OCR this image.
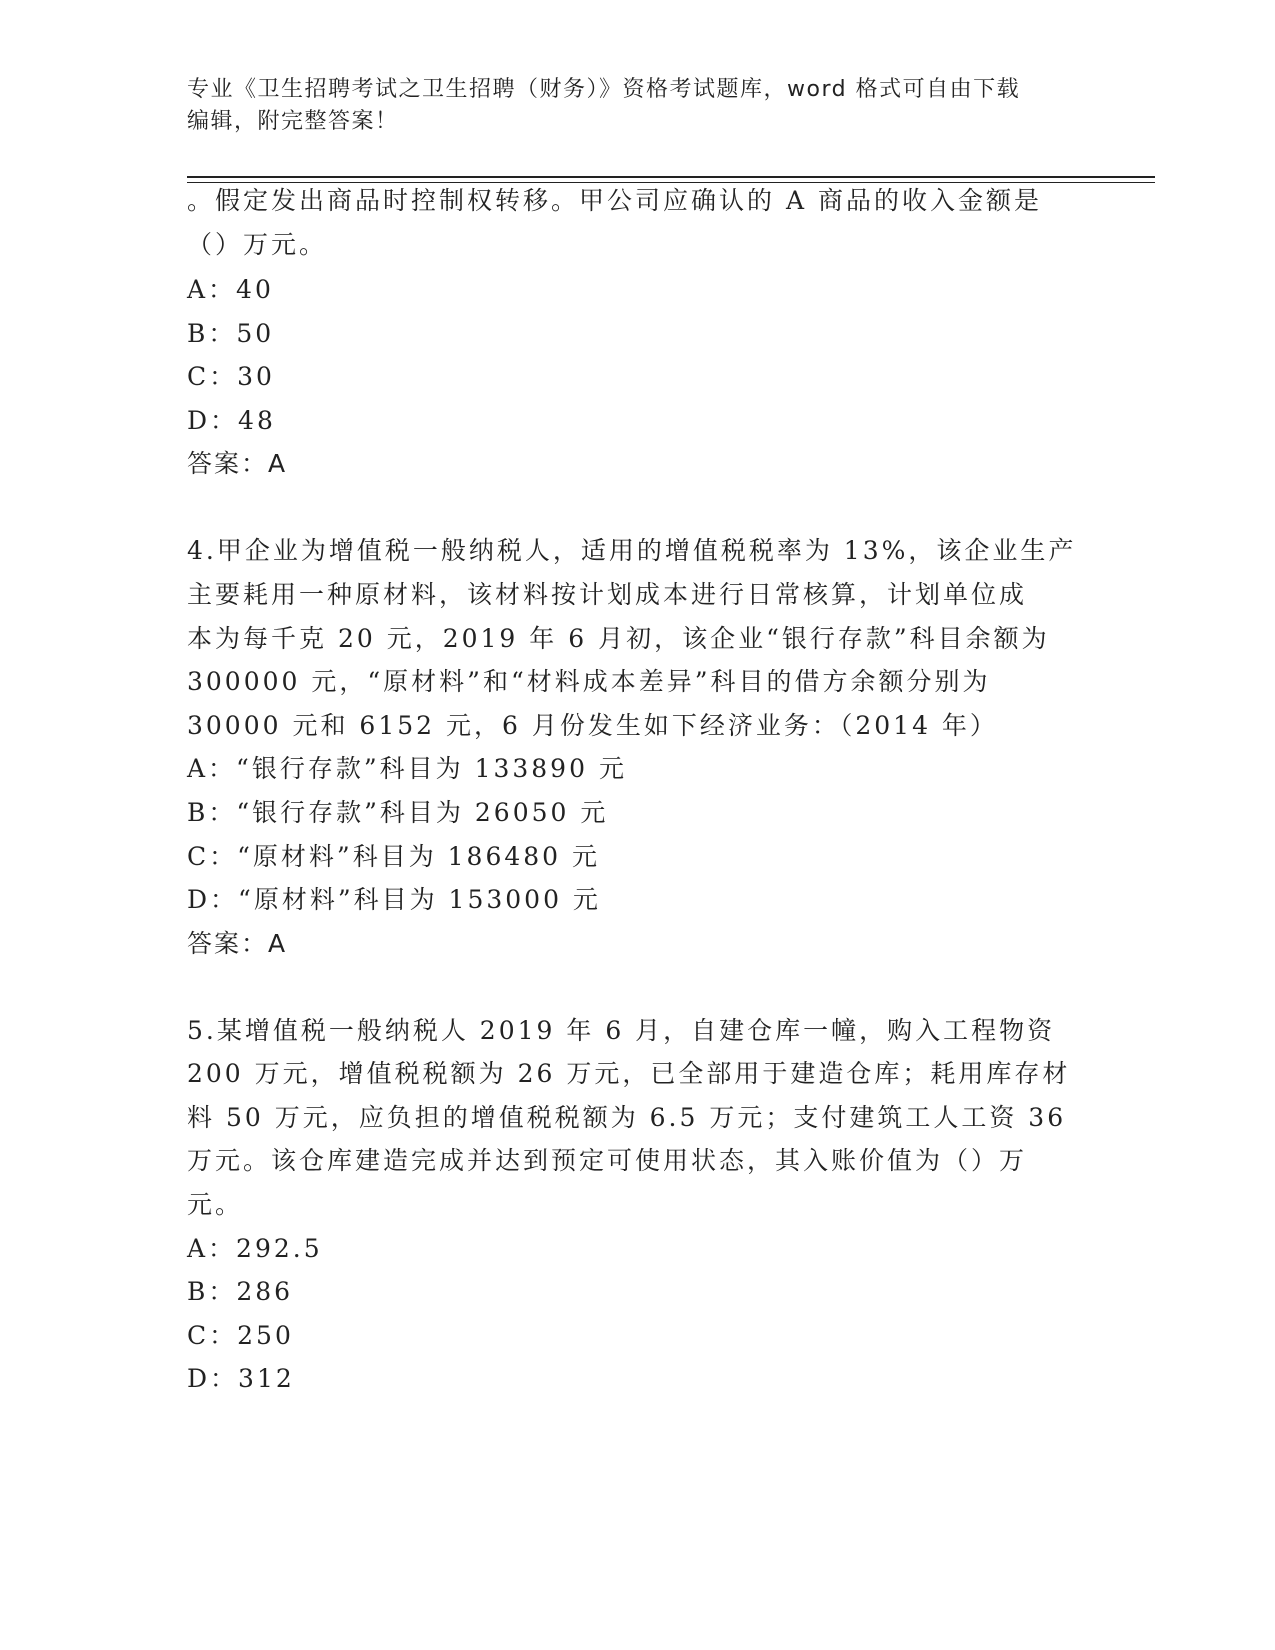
专业《卫生招聘考试之卫生招聘（财务）》资格考试题库，word 格式可自由下载
编辑，附完整答案！
。假定发出商品时控制权转移。甲公司应确认的 A 商品的收入金额是
（）万元。
A：40
B：50
C：30
D：48
答案：A
4.甲企业为增值税一般纳税人，适用的增值税税率为 13%，该企业生产
主要耗用一种原材料，该材料按计划成本进行日常核算，计划单位成
本为每千克 20 元，2019 年 6 月初，该企业“银行存款”科目余额为
300000 元，“原材料”和“材料成本差异”科目的借方余额分别为
30000 元和 6152 元，6 月份发生如下经济业务：（2014 年）
A：“银行存款”科目为 133890 元
B：“银行存款”科目为 26050 元
C：“原材料”科目为 186480 元
D：“原材料”科目为 153000 元
答案：A
5.某增值税一般纳税人 2019 年 6 月，自建仓库一幢，购入工程物资
200 万元，增值税税额为 26 万元，已全部用于建造仓库；耗用库存材
料 50 万元，应负担的增值税税额为 6.5 万元；支付建筑工人工资 36
万元。该仓库建造完成并达到预定可使用状态，其入账价值为（）万
元。
A：292.5
B：286
C：250
D：312
